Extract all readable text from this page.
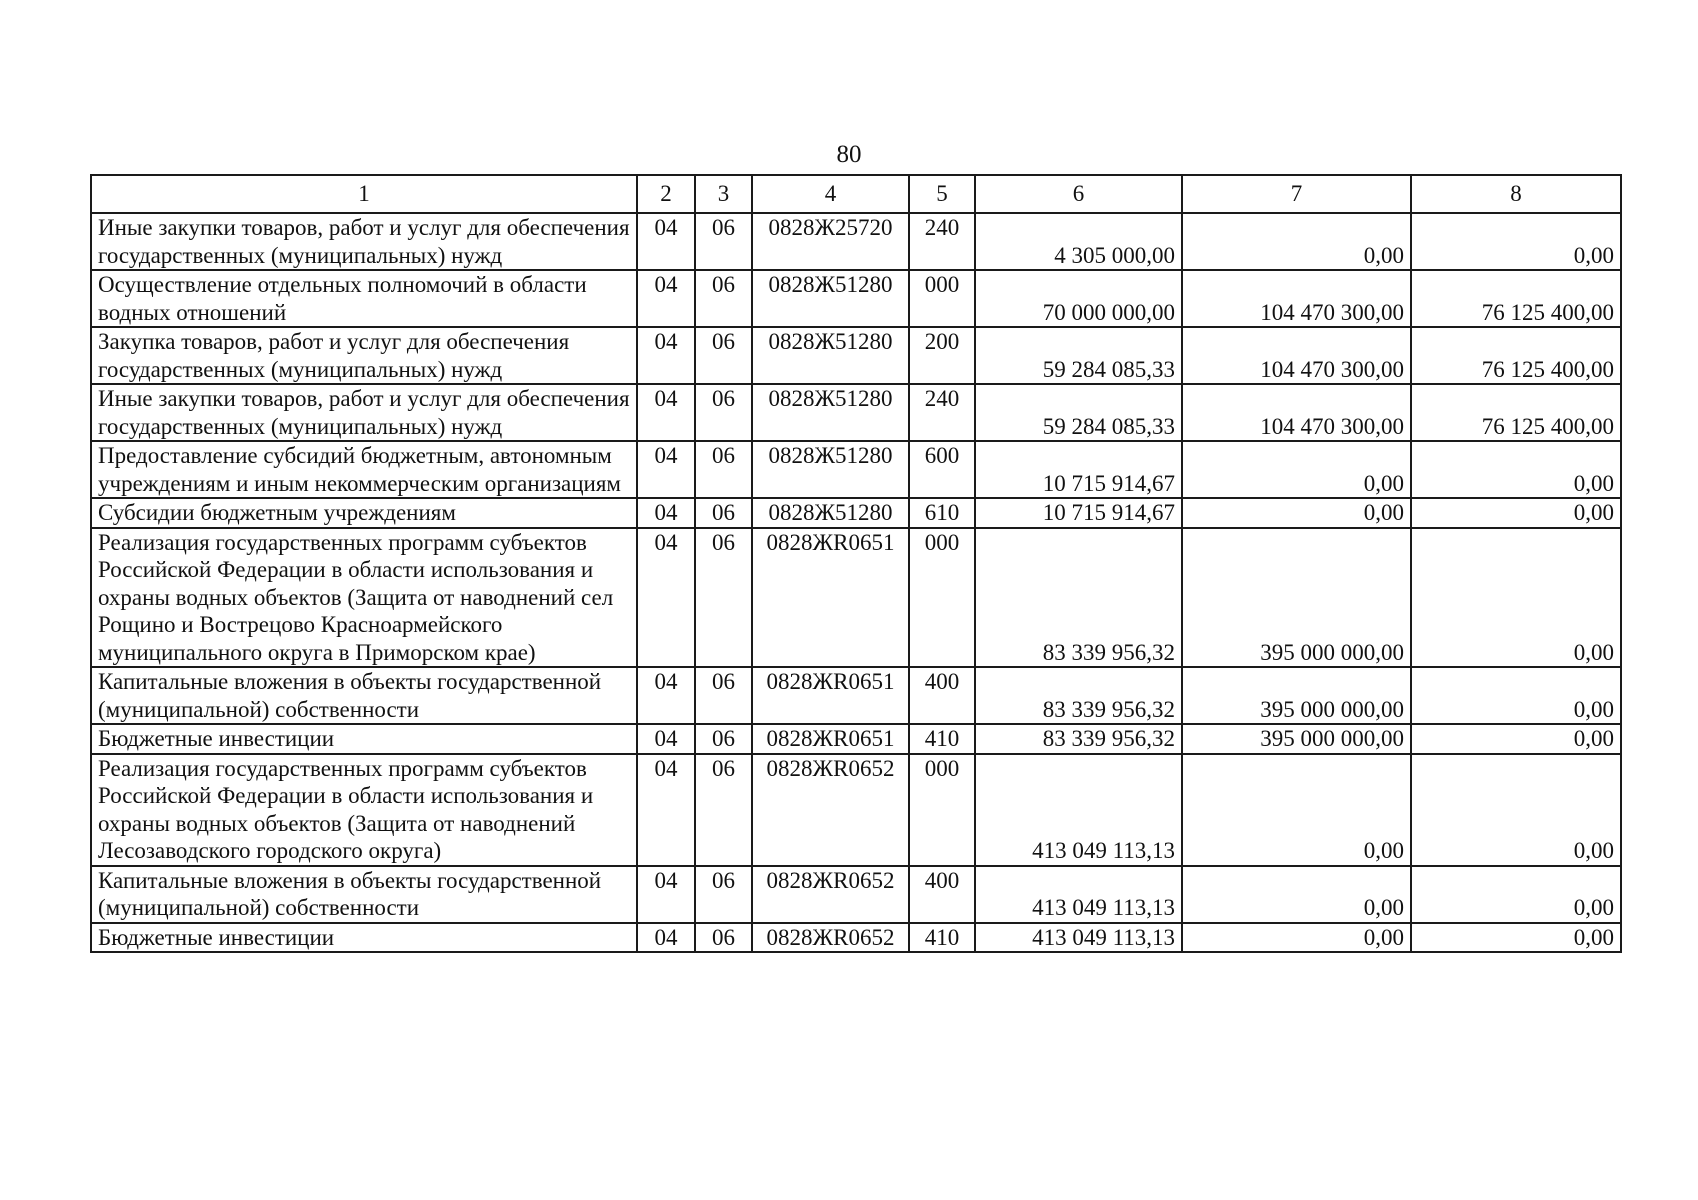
80
1	2	3	4	5	6	7	8
Иные закупки товаров, работ и услуг для обеспечения государственных (муниципальных) нужд	04	06	0828Ж25720	240	4 305 000,00	0,00	0,00
Осуществление отдельных полномочий в области водных отношений	04	06	0828Ж51280	000	70 000 000,00	104 470 300,00	76 125 400,00
Закупка товаров, работ и услуг для обеспечения государственных (муниципальных) нужд	04	06	0828Ж51280	200	59 284 085,33	104 470 300,00	76 125 400,00
Иные закупки товаров, работ и услуг для обеспечения государственных (муниципальных) нужд	04	06	0828Ж51280	240	59 284 085,33	104 470 300,00	76 125 400,00
Предоставление субсидий бюджетным, автономным учреждениям и иным некоммерческим организациям	04	06	0828Ж51280	600	10 715 914,67	0,00	0,00
Субсидии бюджетным учреждениям	04	06	0828Ж51280	610	10 715 914,67	0,00	0,00
Реализация государственных программ субъектов Российской Федерации в области использования и охраны водных объектов (Защита от наводнений сел Рощино и Вострецово Красноармейского муниципального округа в Приморском крае)	04	06	0828ЖR0651	000	83 339 956,32	395 000 000,00	0,00
Капитальные вложения в объекты государственной (муниципальной) собственности	04	06	0828ЖR0651	400	83 339 956,32	395 000 000,00	0,00
Бюджетные инвестиции	04	06	0828ЖR0651	410	83 339 956,32	395 000 000,00	0,00
Реализация государственных программ субъектов Российской Федерации в области использования и охраны водных объектов (Защита от наводнений Лесозаводского городского округа)	04	06	0828ЖR0652	000	413 049 113,13	0,00	0,00
Капитальные вложения в объекты государственной (муниципальной) собственности	04	06	0828ЖR0652	400	413 049 113,13	0,00	0,00
Бюджетные инвестиции	04	06	0828ЖR0652	410	413 049 113,13	0,00	0,00
